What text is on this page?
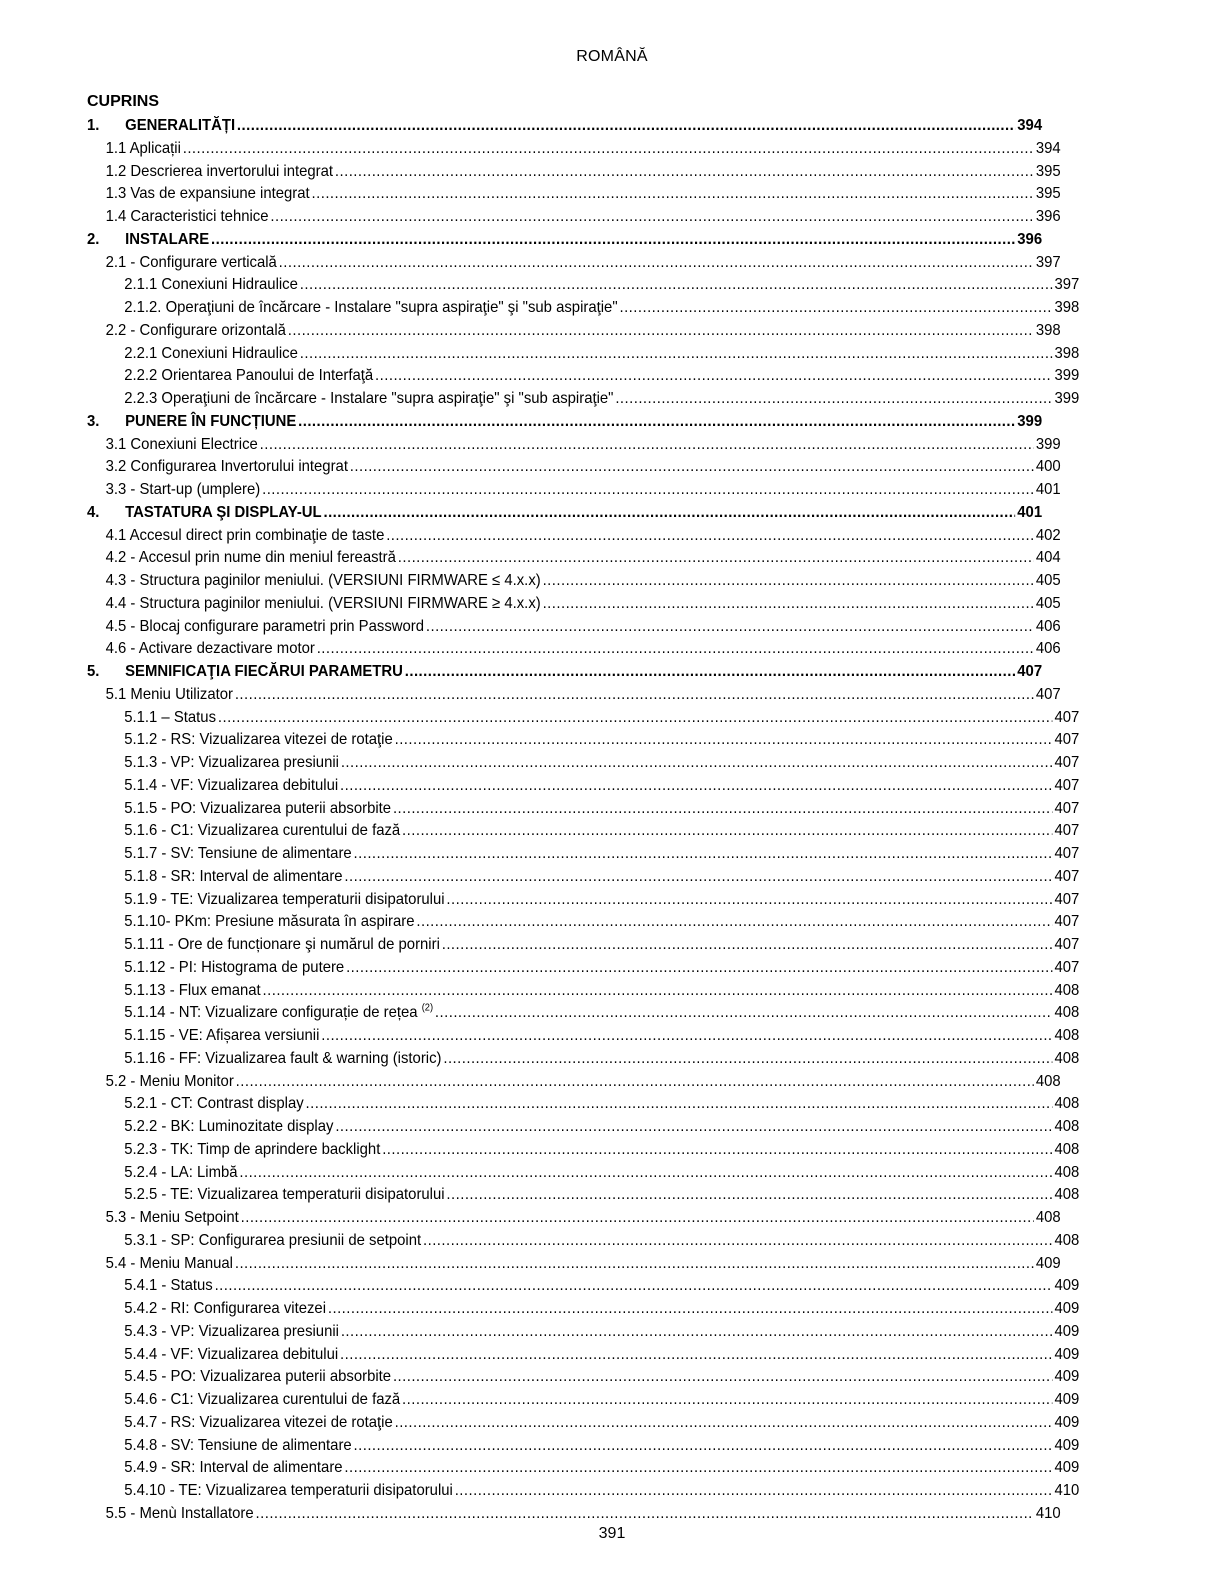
ROMÂNĂ
CUPRINS
1. GENERALITĂȚI .....	394
1.1 Aplicații .....	394
1.2 Descrierea invertorului integrat .....	395
1.3 Vas de expansiune integrat .....	395
1.4 Caracteristici tehnice .....	396
2. INSTALARE .....	396
2.1 - Configurare verticală .....	397
2.1.1 Conexiuni Hidraulice .....	397
2.1.2. Operaţiuni de încărcare - Instalare "supra aspiraţie" şi "sub aspiraţie" .....	398
2.2 - Configurare orizontală .....	398
2.2.1 Conexiuni Hidraulice .....	398
2.2.2 Orientarea Panoului de Interfaţă .....	399
2.2.3 Operaţiuni de încărcare - Instalare "supra aspiraţie" şi "sub aspiraţie" .....	399
3. PUNERE ÎN FUNCȚIUNE .....	399
3.1 Conexiuni Electrice .....	399
3.2 Configurarea Invertorului integrat .....	400
3.3 - Start-up (umplere) .....	401
4. TASTATURA ŞI DISPLAY-UL .....	401
4.1 Accesul direct prin combinaţie de taste .....	402
4.2 - Accesul prin nume din meniul fereastră .....	404
4.3 - Structura paginilor meniului. (VERSIUNI FIRMWARE ≤ 4.x.x) .....	405
4.4 - Structura paginilor meniului. (VERSIUNI FIRMWARE ≥ 4.x.x) .....	405
4.5 - Blocaj configurare parametri prin Password .....	406
4.6 - Activare dezactivare motor .....	406
5. SEMNIFICAŢIA FIECĂRUI PARAMETRU .....	407
5.1 Meniu Utilizator .....	407
5.1.1 – Status .....	407
5.1.2 - RS: Vizualizarea vitezei de rotaţie .....	407
5.1.3 - VP: Vizualizarea presiunii .....	407
5.1.4 - VF: Vizualizarea debitului .....	407
5.1.5 - PO: Vizualizarea puterii absorbite .....	407
5.1.6 - C1: Vizualizarea curentului de fază .....	407
5.1.7 - SV: Tensiune de alimentare .....	407
5.1.8 - SR: Interval de alimentare .....	407
5.1.9 - TE: Vizualizarea temperaturii disipatorului .....	407
5.1.10- PKm: Presiune măsurata în aspirare .....	407
5.1.11 - Ore de funcționare şi numărul de porniri .....	407
5.1.12 - PI: Histograma de putere .....	407
5.1.13 - Flux emanat .....	408
5.1.14 - NT: Vizualizare configurație de rețea $^{(2)}$ .....	408
5.1.15 - VE: Afișarea versiunii .....	408
5.1.16 - FF: Vizualizarea fault & warning (istoric) .....	408
5.2 - Meniu Monitor .....	408
5.2.1 - CT: Contrast display .....	408
5.2.2 - BK: Luminozitate display .....	408
5.2.3 - TK: Timp de aprindere backlight .....	408
5.2.4 - LA: Limbă .....	408
5.2.5 - TE: Vizualizarea temperaturii disipatorului .....	408
5.3 - Meniu Setpoint .....	408
5.3.1 - SP: Configurarea presiunii de setpoint .....	408
5.4 - Meniu Manual .....	409
5.4.1 - Status .....	409
5.4.2 - RI: Configurarea vitezei .....	409
5.4.3 - VP: Vizualizarea presiunii .....	409
5.4.4 - VF: Vizualizarea debitului .....	409
5.4.5 - PO: Vizualizarea puterii absorbite .....	409
5.4.6 - C1: Vizualizarea curentului de fază .....	409
5.4.7 - RS: Vizualizarea vitezei de rotaţie .....	409
5.4.8 - SV: Tensiune de alimentare .....	409
5.4.9 - SR: Interval de alimentare .....	409
5.4.10 - TE: Vizualizarea temperaturii disipatorului .....	410
5.5 - Menù Installatore .....	410
391
